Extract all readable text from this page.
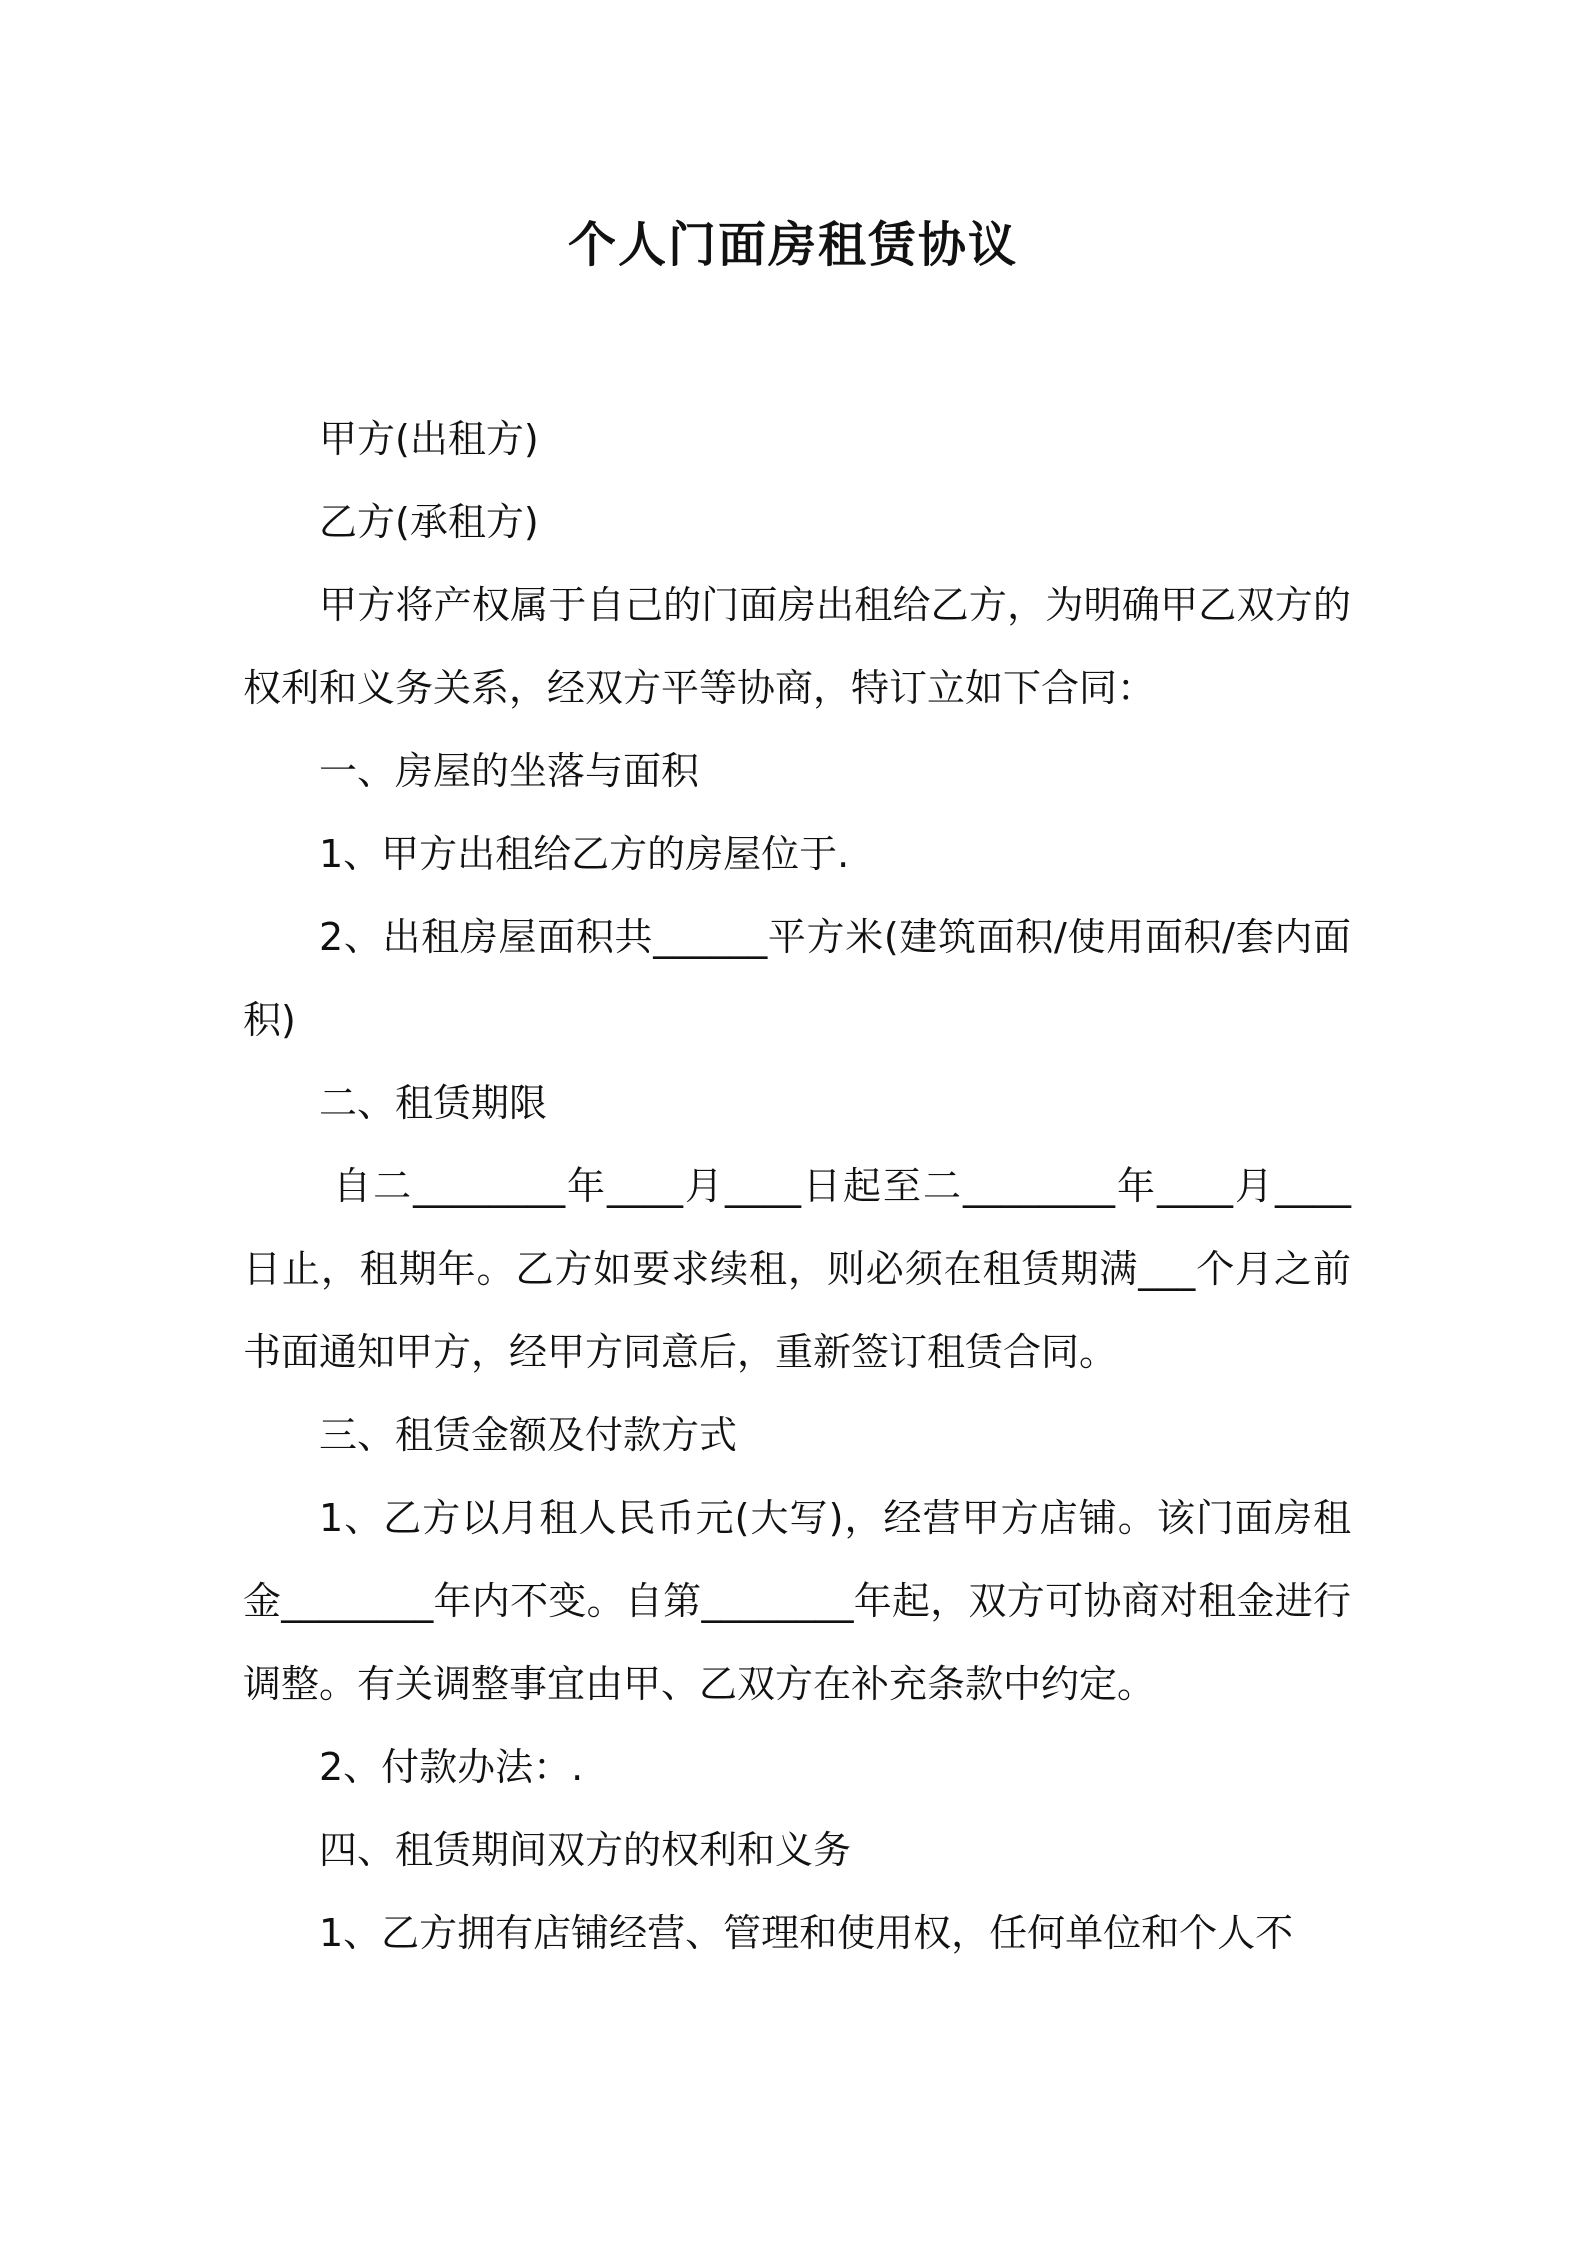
个人门面房租赁协议

甲方(出租方)

乙方(承租方)

甲方将产权属于自己的门面房出租给乙方，为明确甲乙双方的权利和义务关系，经双方平等协商，特订立如下合同：

一、房屋的坐落与面积

1、甲方出租给乙方的房屋位于.

2、出租房屋面积共______平方米(建筑面积/使用面积/套内面积)

二、租赁期限

自二________年____月____日起至二________年____月____日止，租期年。乙方如要求续租，则必须在租赁期满___个月之前书面通知甲方，经甲方同意后，重新签订租赁合同。

三、租赁金额及付款方式

1、乙方以月租人民币元(大写)，经营甲方店铺。该门面房租金________年内不变。自第________年起，双方可协商对租金进行调整。有关调整事宜由甲、乙双方在补充条款中约定。

2、付款办法：.

四、租赁期间双方的权利和义务

1、乙方拥有店铺经营、管理和使用权，任何单位和个人不
